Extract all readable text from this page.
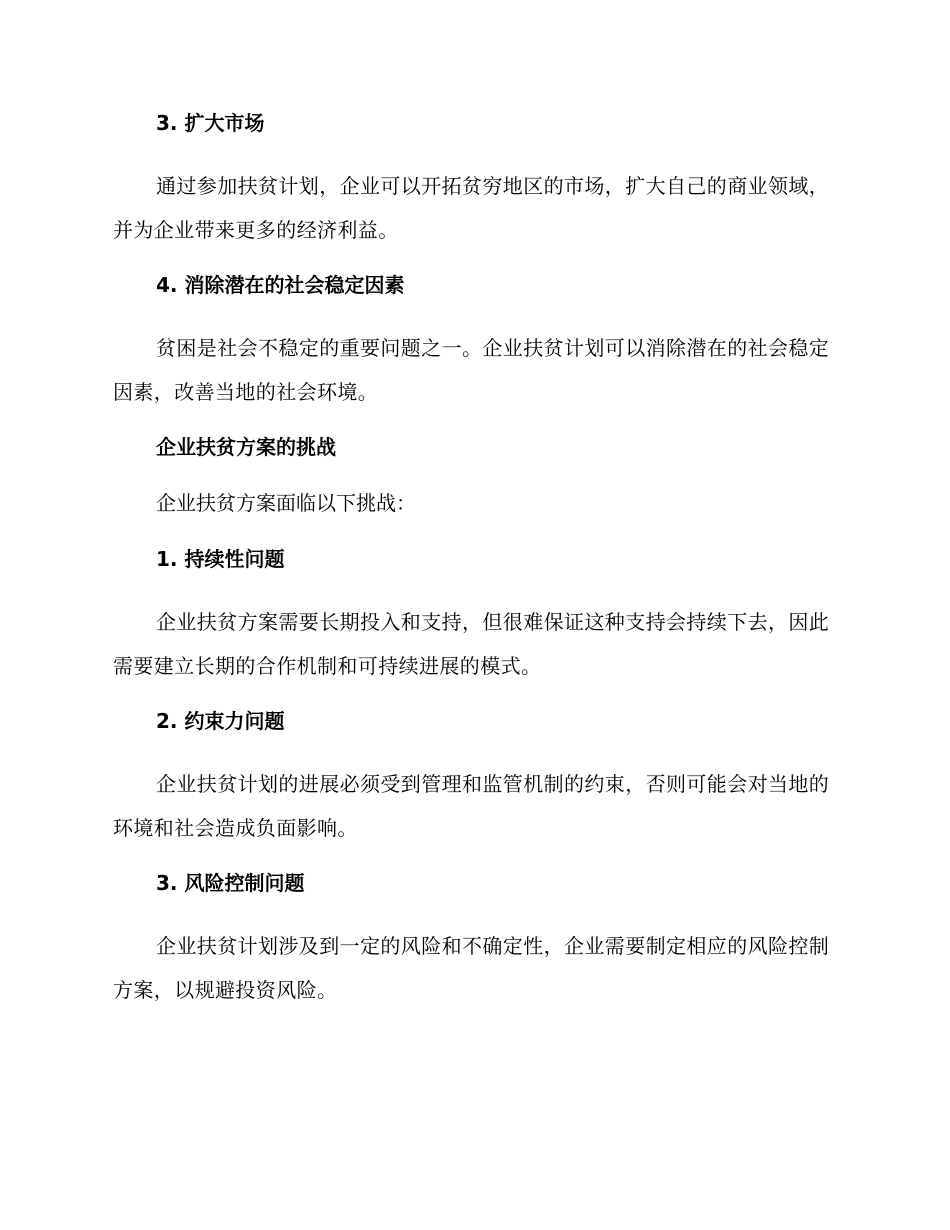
3. 扩大市场

通过参加扶贫计划，企业可以开拓贫穷地区的市场，扩大自己的商业领域，并为企业带来更多的经济利益。

4. 消除潜在的社会稳定因素

贫困是社会不稳定的重要问题之一。企业扶贫计划可以消除潜在的社会稳定因素，改善当地的社会环境。

企业扶贫方案的挑战

企业扶贫方案面临以下挑战：

1. 持续性问题

企业扶贫方案需要长期投入和支持，但很难保证这种支持会持续下去，因此需要建立长期的合作机制和可持续进展的模式。

2. 约束力问题

企业扶贫计划的进展必须受到管理和监管机制的约束，否则可能会对当地的环境和社会造成负面影响。

3. 风险控制问题

企业扶贫计划涉及到一定的风险和不确定性，企业需要制定相应的风险控制方案，以规避投资风险。
